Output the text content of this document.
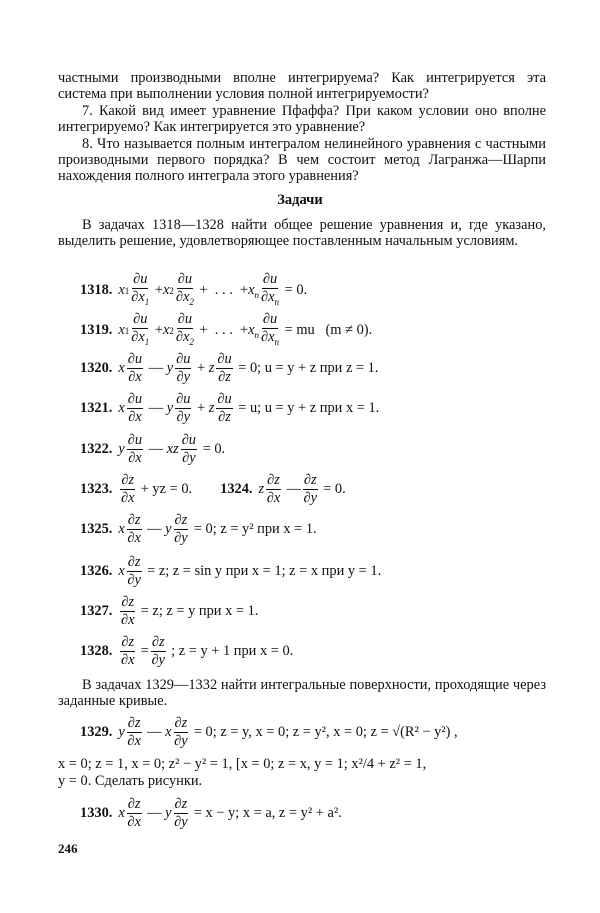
частными производными вполне интегрируема? Как интегрируется эта система при выполнении условия полной интегрируемости?
7. Какой вид имеет уравнение Пфаффа? При каком условии оно вполне интегрируемо? Как интегрируется это уравнение?
8. Что называется полным интегралом нелинейного уравнения с частными производными первого порядка? В чем состоит метод Лагранжа—Шарпи нахождения полного интеграла этого уравнения?
Задачи
В задачах 1318—1328 найти общее решение уравнения и, где указано, выделить решение, удовлетворяющее поставленным начальным условиям.
1318. x $1 \frac{\partial u}{\partial x_1} + x$ $2 \frac{\partial u}{\partial x_2}$ +  . . .  + $x_n \frac{\partial u}{\partial x_n}$
= 0.
1319. x $1 \frac{\partial u}{\partial x_1} + x$ $2 \frac{\partial u}{\partial x_2}$ +  . . .  + $x_n \frac{\partial u}{\partial x_n}$
= mu   (m ≠ 0).
1320. x $\frac{\partial u}{\partial x}$ — y $\frac{\partial u}{\partial y} + z \frac{\partial u}{\partial z}$
= 0; u = y + z при z = 1.
1321. x $\frac{\partial u}{\partial x}$ — y $\frac{\partial u}{\partial y} + z \frac{\partial u}{\partial z}$
= u; u = y + z при x = 1.
1322. y $\frac{\partial u}{\partial x}$ — xz $\frac{\partial u}{\partial y}$
= 0.
1323. $\frac{\partial z}{\partial x}$
+ yz = 0. 1324. z $\frac{\partial z}{\partial x}$ — $\frac{\partial z}{\partial y}$
= 0.
1325. x $\frac{\partial z}{\partial x}$ — y $\frac{\partial z}{\partial y}$
= 0; z = y² при x = 1.
1326. x $\frac{\partial z}{\partial y}$
= z; z = sin y при x = 1; z = x при y = 1.
1327. $\frac{\partial z}{\partial x}$
= z; z = y при x = 1.
1328. $\frac{\partial z}{\partial x} = \frac{\partial z}{\partial y}$
; z = y + 1 при x = 0.
В задачах 1329—1332 найти интегральные поверхности, проходящие через заданные кривые.
1329. y $\frac{\partial z}{\partial x}$ — x $\frac{\partial z}{\partial y}$
= 0; z = y, x = 0; z = y², x = 0; z = √(R² − y²) ,
x = 0; z = 1, x = 0; z² − y² = 1, [x = 0; z = x, y = 1; x²/4 + z² = 1,
y = 0. Сделать рисунки.
1330. x $\frac{\partial z}{\partial x}$ — y $\frac{\partial z}{\partial y}$
= x − y; x = a, z = y² + a².
246
